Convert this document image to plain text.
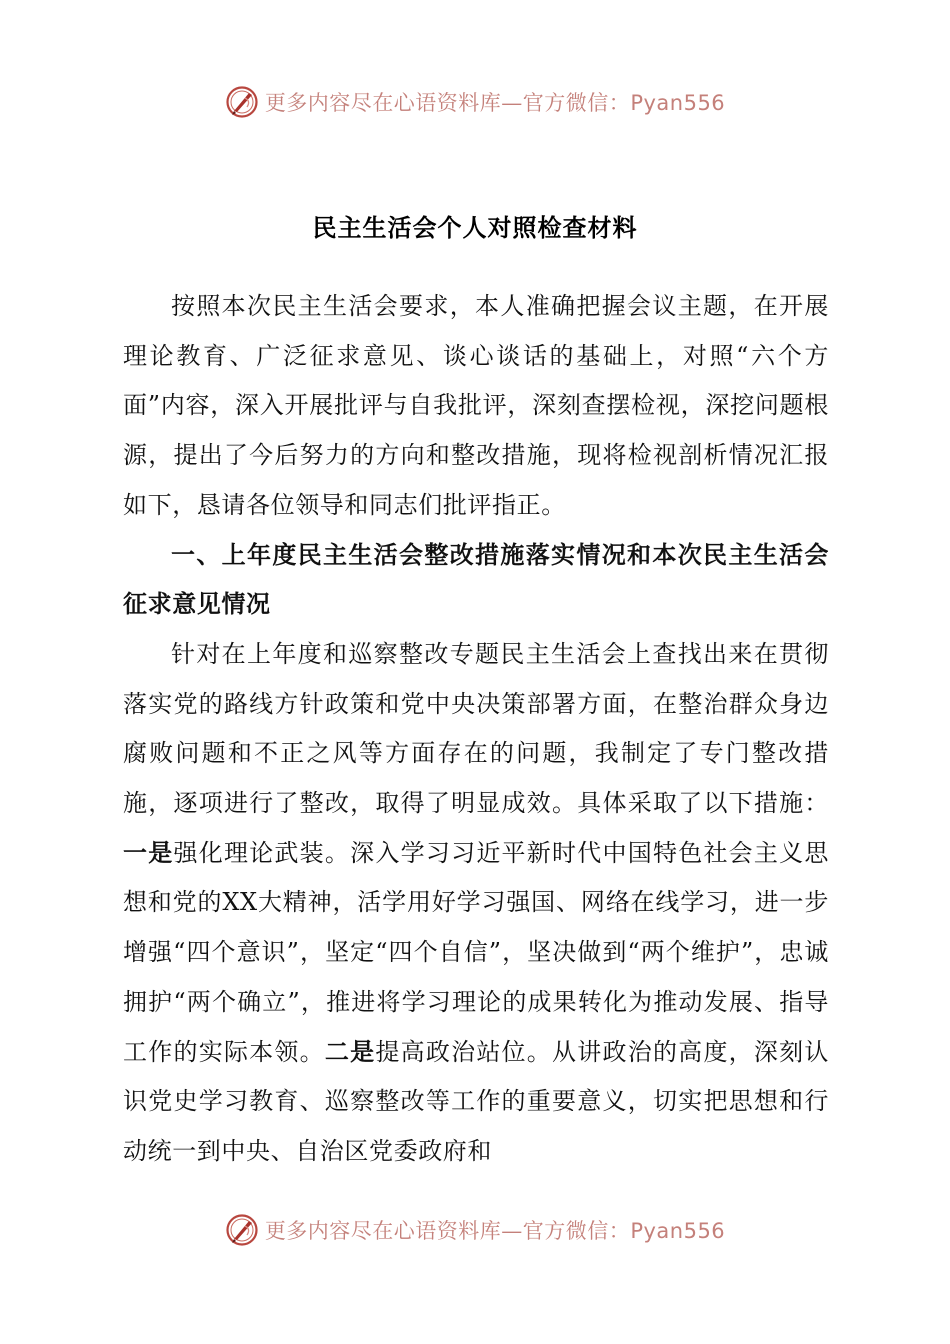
更多内容尽在心语资料库—官方微信：Pyan556
民主生活会个人对照检查材料

按照本次民主生活会要求，本人准确把握会议主题，在开展理论教育、广泛征求意见、谈心谈话的基础上，对照“六个方面”内容，深入开展批评与自我批评，深刻查摆检视，深挖问题根源，提出了今后努力的方向和整改措施，现将检视剖析情况汇报如下，恳请各位领导和同志们批评指正。

一、上年度民主生活会整改措施落实情况和本次民主生活会征求意见情况

针对在上年度和巡察整改专题民主生活会上查找出来在贯彻落实党的路线方针政策和党中央决策部署方面，在整治群众身边腐败问题和不正之风等方面存在的问题，我制定了专门整改措施，逐项进行了整改，取得了明显成效。具体采取了以下措施：一是强化理论武装。深入学习习近平新时代中国特色社会主义思想和党的XX大精神，活学用好学习强国、网络在线学习，进一步增强“四个意识”，坚定“四个自信”，坚决做到“两个维护”，忠诚拥护“两个确立”，推进将学习理论的成果转化为推动发展、指导工作的实际本领。二是提高政治站位。从讲政治的高度，深刻认识党史学习教育、巡察整改等工作的重要意义，切实把思想和行动统一到中央、自治区党委政府和

更多内容尽在心语资料库—官方微信：Pyan556
